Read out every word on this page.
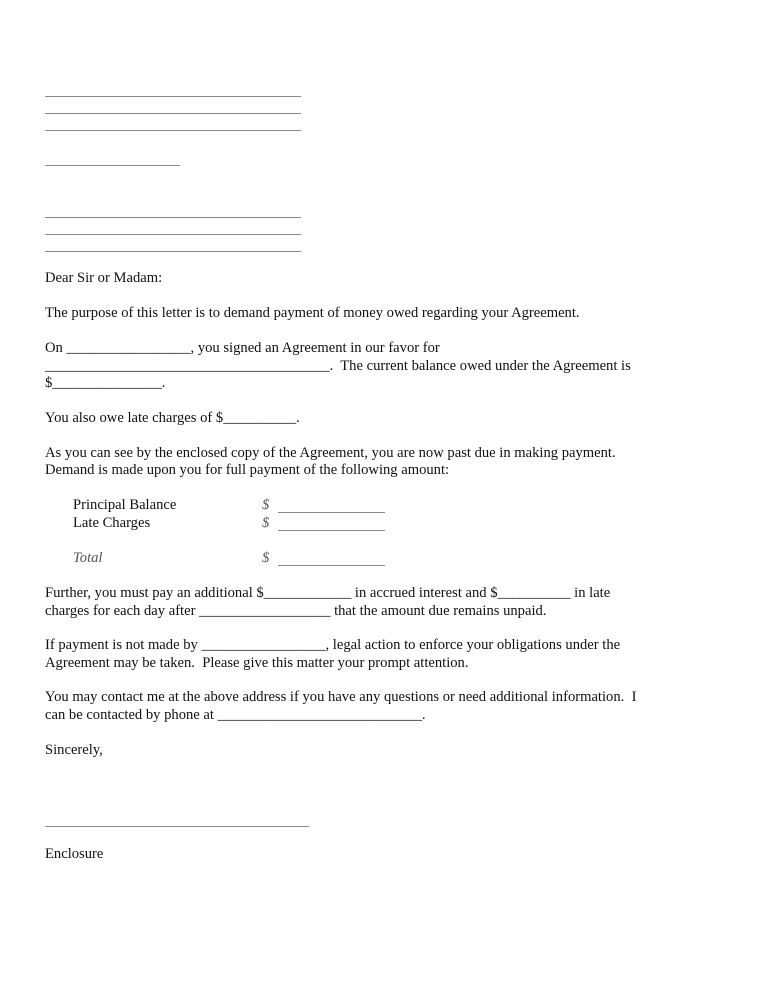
Dear Sir or Madam:
The purpose of this letter is to demand payment of money owed regarding your Agreement.
On _________________, you signed an Agreement in our favor for
_______________________________________.  The current balance owed under the Agreement is
$_______________.
You also owe late charges of $__________.
As you can see by the enclosed copy of the Agreement, you are now past due in making payment.
Demand is made upon you for full payment of the following amount:
Principal Balance	$
Late Charges	$
Total	$
Further, you must pay an additional $____________ in accrued interest and $__________ in late
charges for each day after __________________ that the amount due remains unpaid.
If payment is not made by _________________, legal action to enforce your obligations under the
Agreement may be taken.  Please give this matter your prompt attention.
You may contact me at the above address if you have any questions or need additional information.  I
can be contacted by phone at ____________________________.
Sincerely,
Enclosure
